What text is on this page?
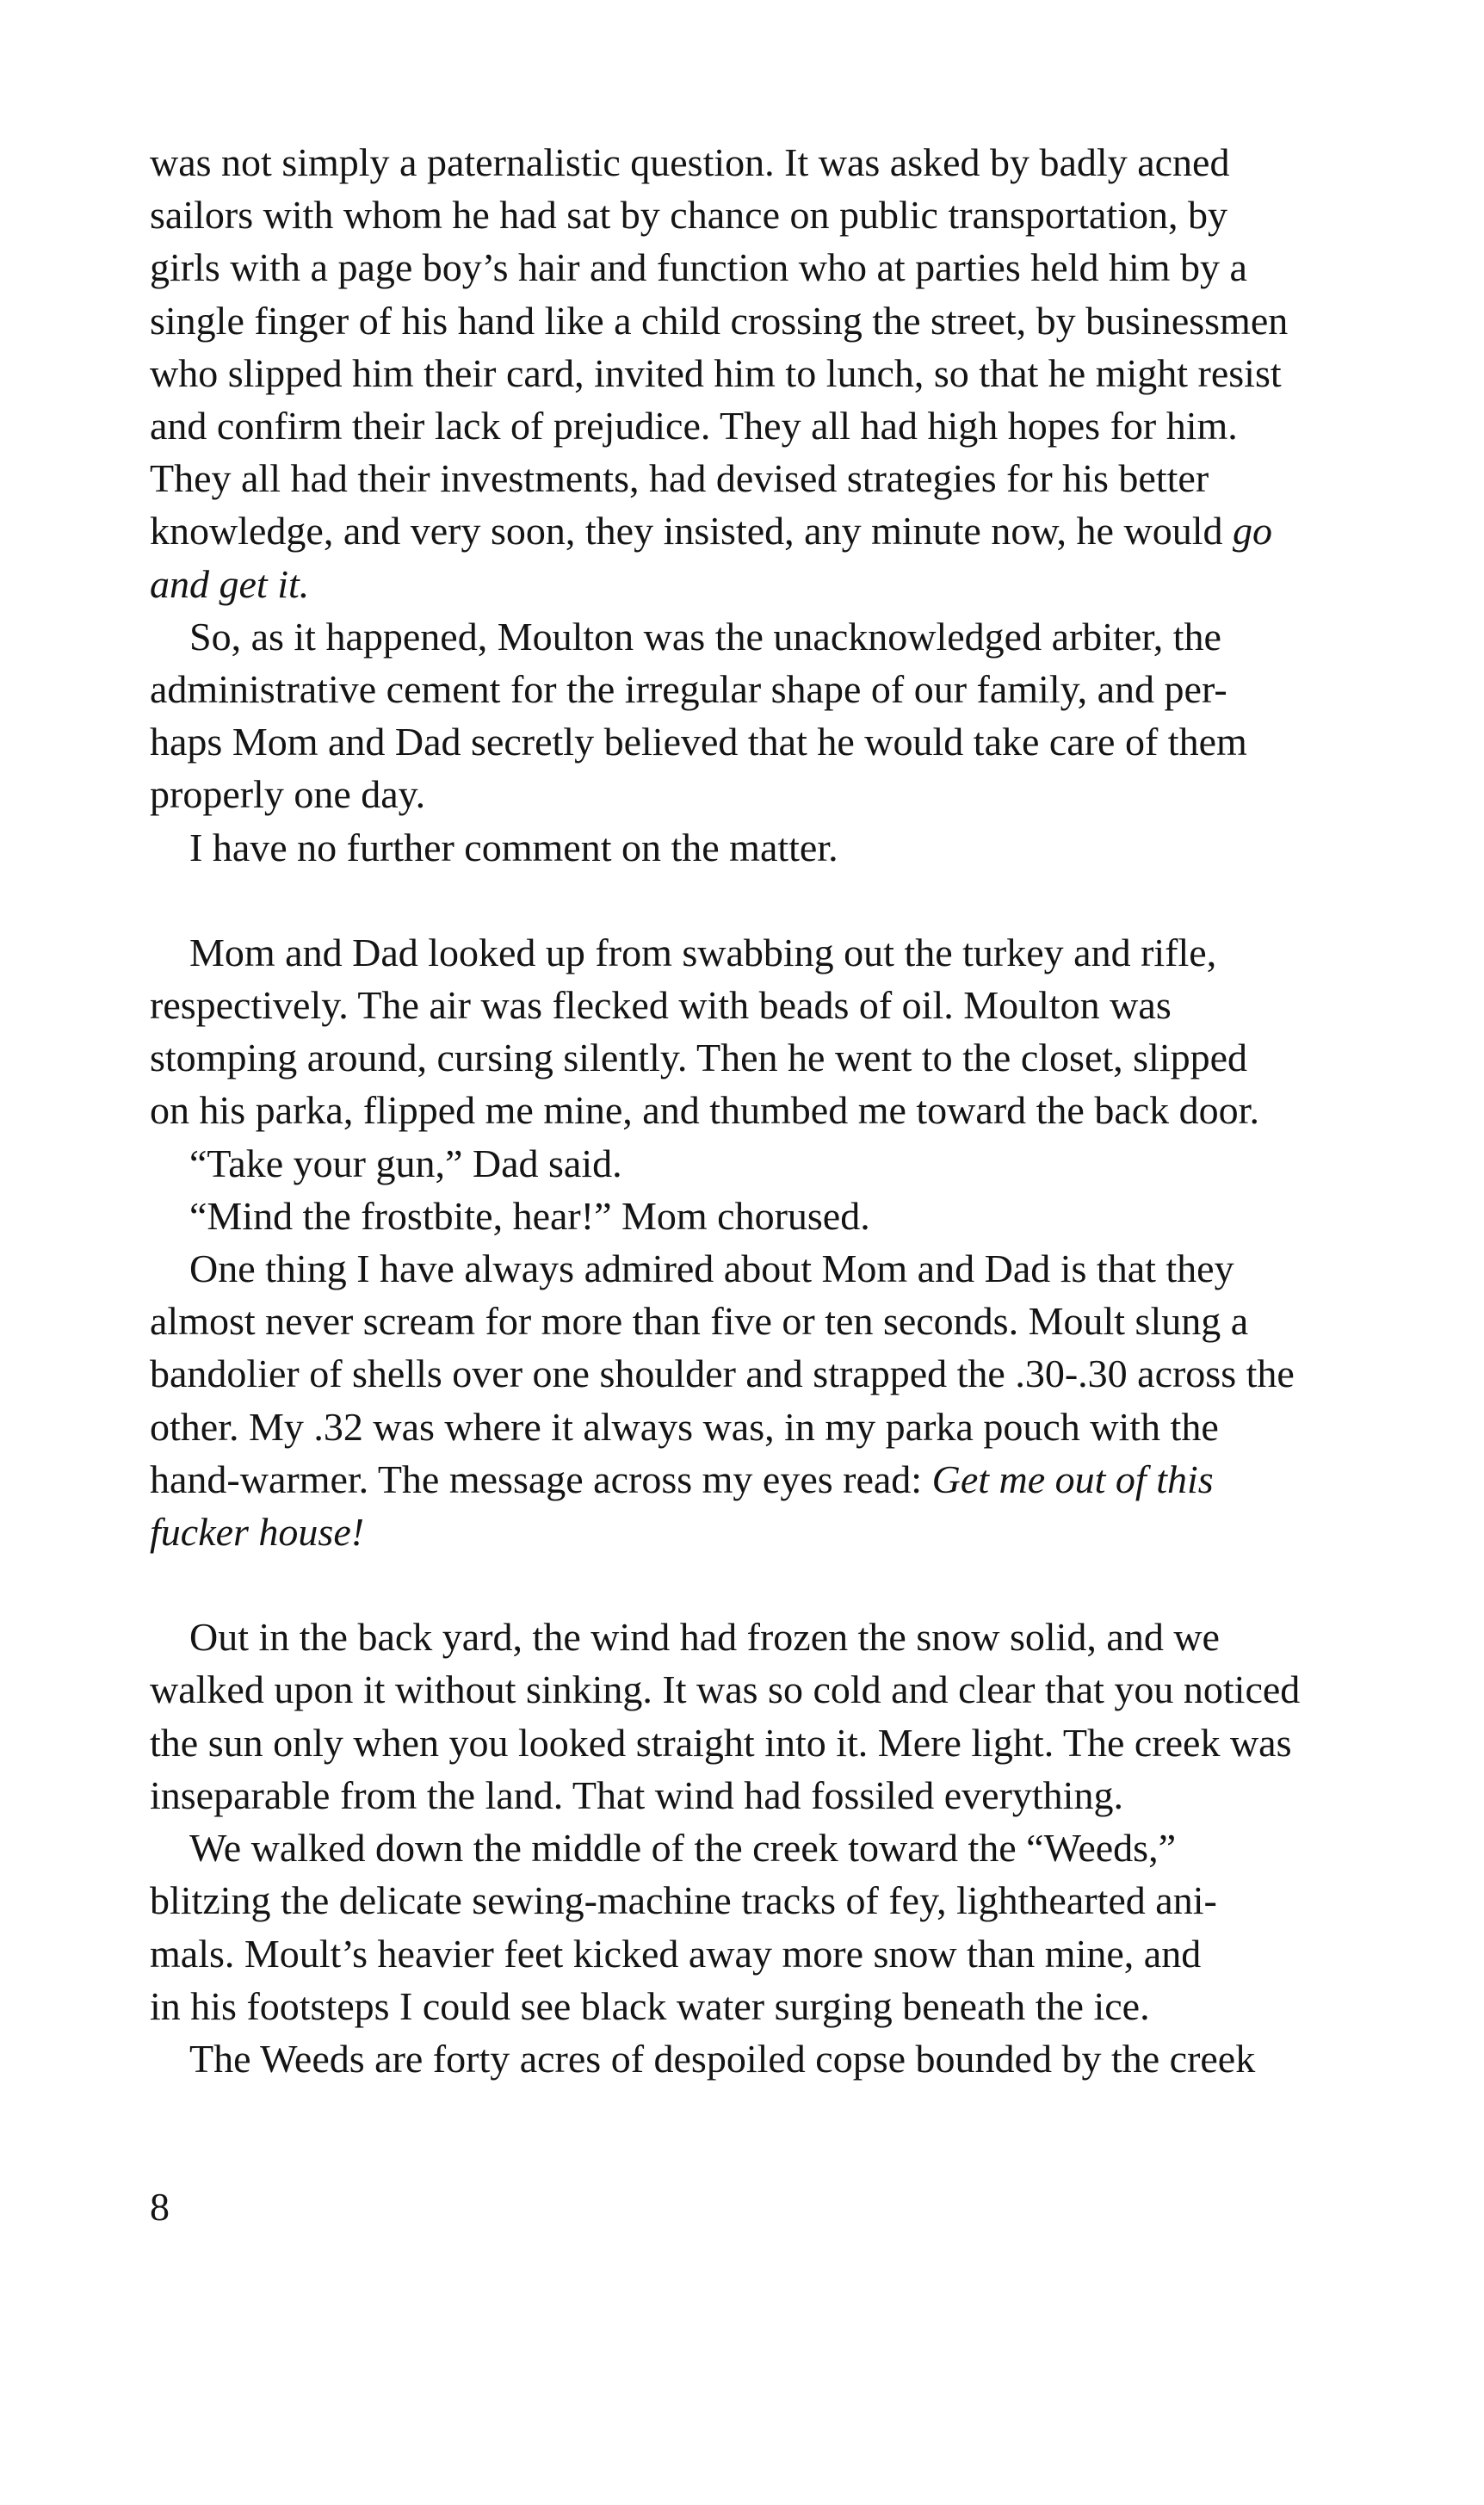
was not simply a paternalistic question. It was asked by badly acned
sailors with whom he had sat by chance on public transportation, by
girls with a page boy’s hair and function who at parties held him by a
single finger of his hand like a child crossing the street, by businessmen
who slipped him their card, invited him to lunch, so that he might resist
and confirm their lack of prejudice. They all had high hopes for him.
They all had their investments, had devised strategies for his better
knowledge, and very soon, they insisted, any minute now, he would go
and get it.
So, as it happened, Moulton was the unacknowledged arbiter, the
administrative cement for the irregular shape of our family, and per-
haps Mom and Dad secretly believed that he would take care of them
properly one day.
I have no further comment on the matter.
Mom and Dad looked up from swabbing out the turkey and rifle,
respectively. The air was flecked with beads of oil. Moulton was
stomping around, cursing silently. Then he went to the closet, slipped
on his parka, flipped me mine, and thumbed me toward the back door.
“Take your gun,” Dad said.
“Mind the frostbite, hear!” Mom chorused.
One thing I have always admired about Mom and Dad is that they
almost never scream for more than five or ten seconds. Moult slung a
bandolier of shells over one shoulder and strapped the .30-.30 across the
other. My .32 was where it always was, in my parka pouch with the
hand-warmer. The message across my eyes read: Get me out of this
fucker house!
Out in the back yard, the wind had frozen the snow solid, and we
walked upon it without sinking. It was so cold and clear that you noticed
the sun only when you looked straight into it. Mere light. The creek was
inseparable from the land. That wind had fossiled everything.
We walked down the middle of the creek toward the “Weeds,”
blitzing the delicate sewing-machine tracks of fey, lighthearted ani-
mals. Moult’s heavier feet kicked away more snow than mine, and
in his footsteps I could see black water surging beneath the ice.
The Weeds are forty acres of despoiled copse bounded by the creek
8
